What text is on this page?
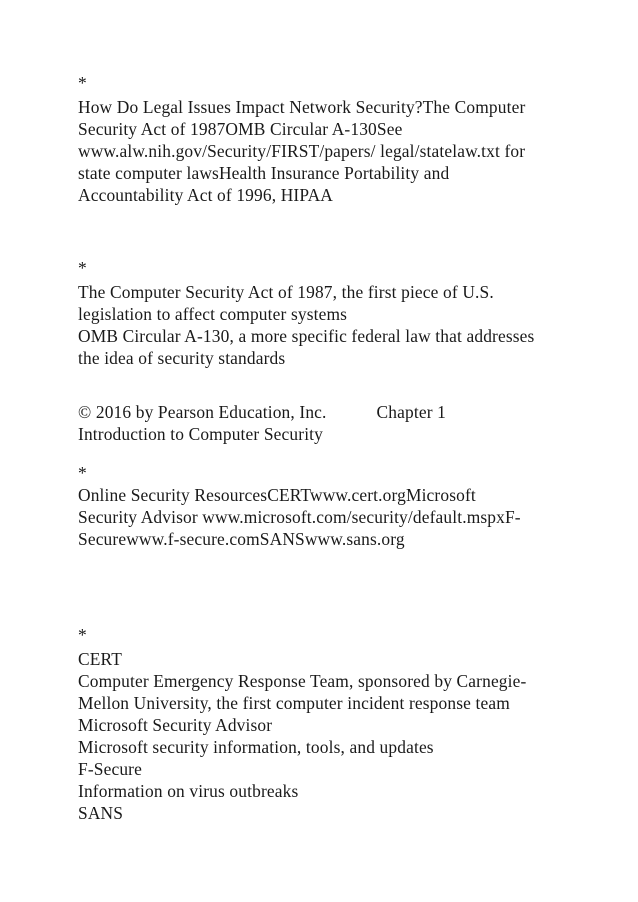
*
How Do Legal Issues Impact Network Security?The Computer
Security Act of 1987OMB Circular A-130See
www.alw.nih.gov/Security/FIRST/papers/ legal/statelaw.txt for
state computer lawsHealth Insurance Portability and
Accountability Act of 1996, HIPAA
*
The Computer Security Act of 1987, the first piece of U.S.
legislation to affect computer systems
OMB Circular A-130, a more specific federal law that addresses
the idea of security standards
© 2016 by Pearson Education, Inc.	Chapter 1
Introduction to Computer Security
*
Online Security ResourcesCERTwww.cert.orgMicrosoft
Security Advisor www.microsoft.com/security/default.mspxF-
Securewww.f-secure.comSANSwww.sans.org
*
CERT
Computer Emergency Response Team, sponsored by Carnegie-
Mellon University, the first computer incident response team
Microsoft Security Advisor
Microsoft security information, tools, and updates
F-Secure
Information on virus outbreaks
SANS
